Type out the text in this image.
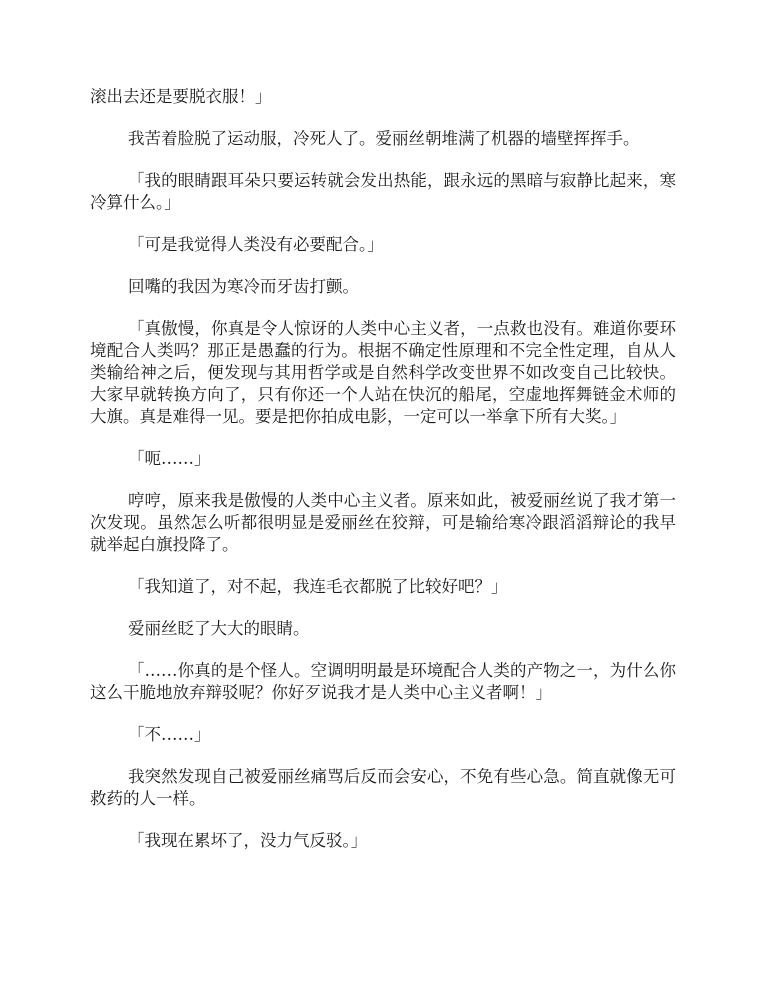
滚出去还是要脱衣服！」

我苦着脸脱了运动服，冷死人了。爱丽丝朝堆满了机器的墙壁挥挥手。

「我的眼睛跟耳朵只要运转就会发出热能，跟永远的黑暗与寂静比起来，寒冷算什么。」

「可是我觉得人类没有必要配合。」

回嘴的我因为寒冷而牙齿打颤。

「真傲慢，你真是令人惊讶的人类中心主义者，一点救也没有。难道你要环境配合人类吗？那正是愚蠢的行为。根据不确定性原理和不完全性定理，自从人类输给神之后，便发现与其用哲学或是自然科学改变世界不如改变自己比较快。大家早就转换方向了，只有你还一个人站在快沉的船尾，空虚地挥舞链金术师的大旗。真是难得一见。要是把你拍成电影，一定可以一举拿下所有大奖。」

「呃……」

哼哼，原来我是傲慢的人类中心主义者。原来如此，被爱丽丝说了我才第一次发现。虽然怎么听都很明显是爱丽丝在狡辩，可是输给寒冷跟滔滔辩论的我早就举起白旗投降了。

「我知道了，对不起，我连毛衣都脱了比较好吧？」

爱丽丝眨了大大的眼睛。

「……你真的是个怪人。空调明明最是环境配合人类的产物之一，为什么你这么干脆地放弃辩驳呢？你好歹说我才是人类中心主义者啊！」

「不……」

我突然发现自己被爱丽丝痛骂后反而会安心，不免有些心急。简直就像无可救药的人一样。

「我现在累坏了，没力气反驳。」
